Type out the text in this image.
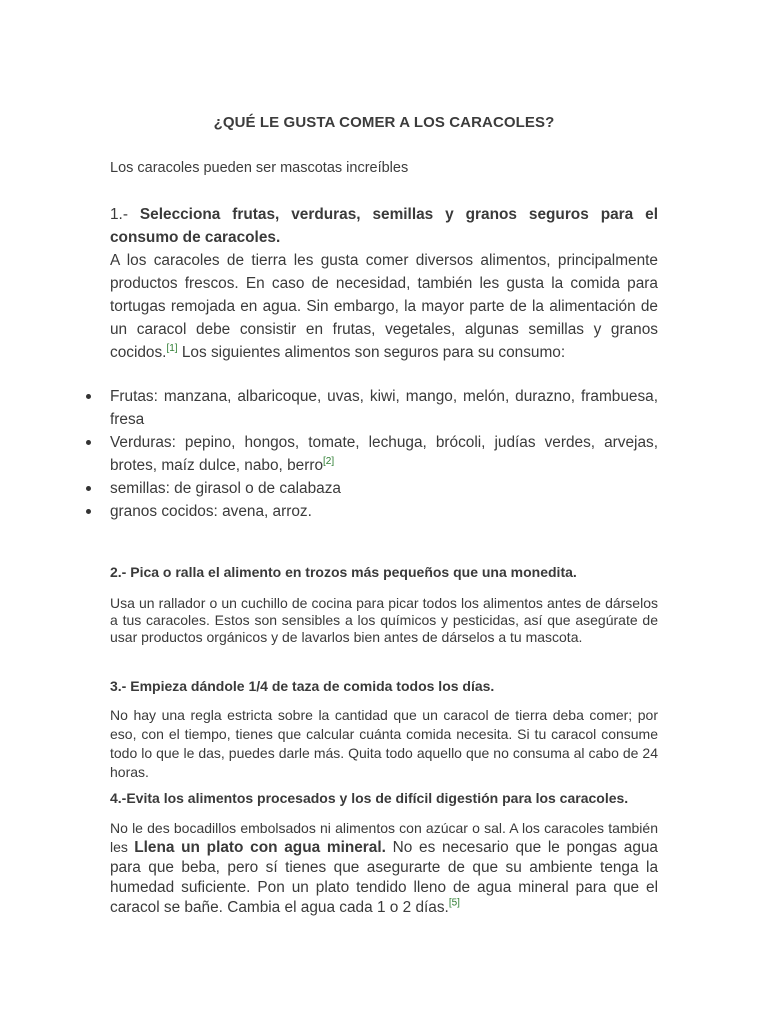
¿QUÉ LE GUSTA COMER A LOS CARACOLES?
Los caracoles pueden ser mascotas increíbles
1.- Selecciona frutas, verduras, semillas y granos seguros para el consumo de caracoles.
A los caracoles de tierra les gusta comer diversos alimentos, principalmente productos frescos. En caso de necesidad, también les gusta la comida para tortugas remojada en agua. Sin embargo, la mayor parte de la alimentación de un caracol debe consistir en frutas, vegetales, algunas semillas y granos cocidos.[1] Los siguientes alimentos son seguros para su consumo:
Frutas: manzana, albaricoque, uvas, kiwi, mango, melón, durazno, frambuesa, fresa
Verduras: pepino, hongos, tomate, lechuga, brócoli, judías verdes, arvejas, brotes, maíz dulce, nabo, berro[2]
semillas: de girasol o de calabaza
granos cocidos: avena, arroz.
2.- Pica o ralla el alimento en trozos más pequeños que una monedita.
Usa un rallador o un cuchillo de cocina para picar todos los alimentos antes de dárselos a tus caracoles. Estos son sensibles a los químicos y pesticidas, así que asegúrate de usar productos orgánicos y de lavarlos bien antes de dárselos a tu mascota.
3.- Empieza dándole 1/4 de taza de comida todos los días.
No hay una regla estricta sobre la cantidad que un caracol de tierra deba comer; por eso, con el tiempo, tienes que calcular cuánta comida necesita. Si tu caracol consume todo lo que le das, puedes darle más. Quita todo aquello que no consuma al cabo de 24 horas.
4.-Evita los alimentos procesados y los de difícil digestión para los caracoles.
No le des bocadillos embolsados ni alimentos con azúcar o sal. A los caracoles también les Llena un plato con agua mineral. No es necesario que le pongas agua para que beba, pero sí tienes que asegurarte de que su ambiente tenga la humedad suficiente. Pon un plato tendido lleno de agua mineral para que el caracol se bañe. Cambia el agua cada 1 o 2 días.[5]
